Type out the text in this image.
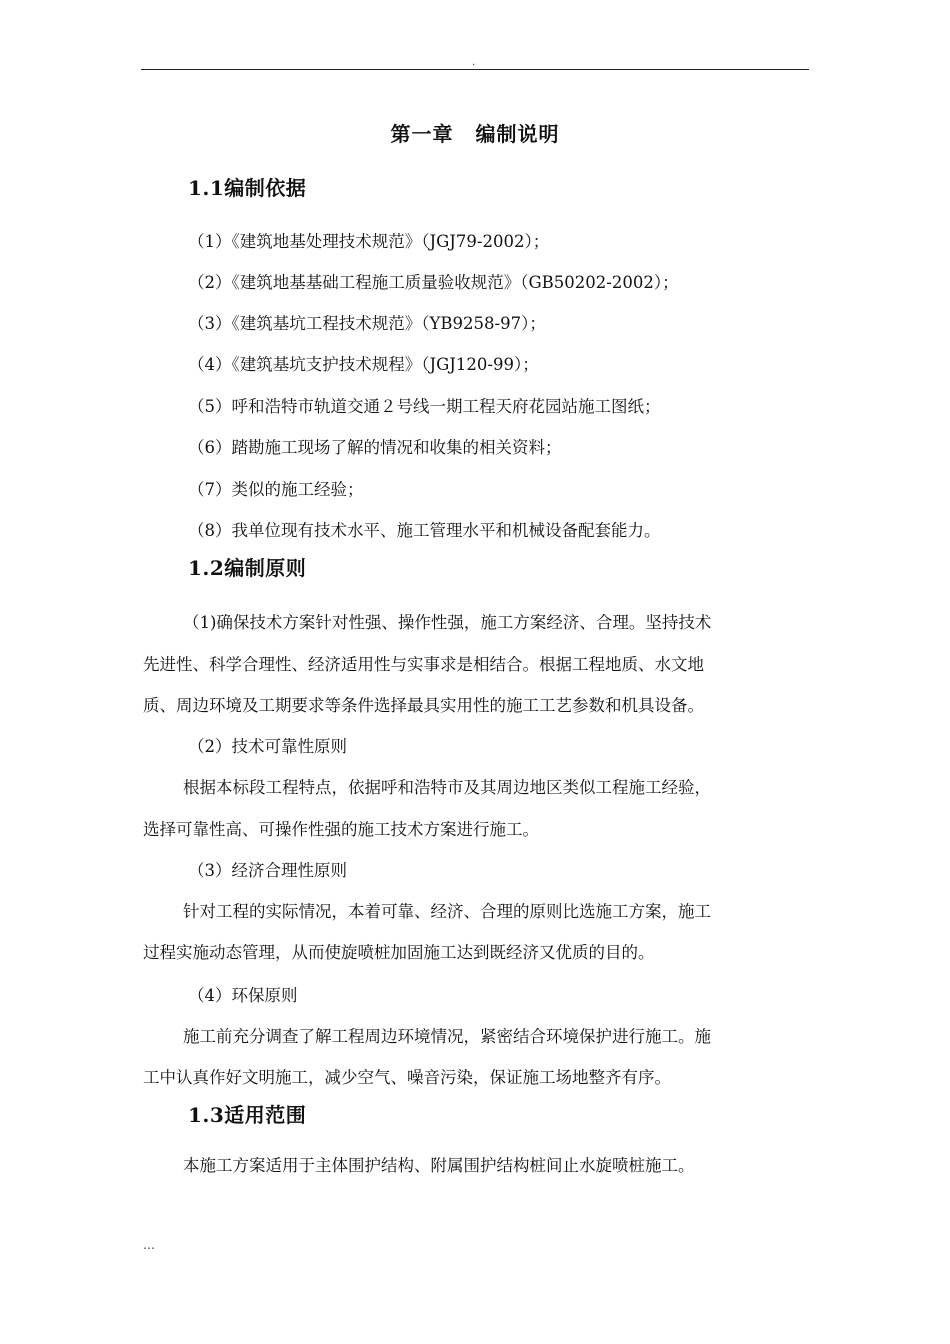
.
第一章 编制说明
1.1编制依据
（1）《建筑地基处理技术规范》（JGJ79-2002）；
（2）《建筑地基基础工程施工质量验收规范》（GB50202-2002）；
（3）《建筑基坑工程技术规范》（YB9258-97）；
（4）《建筑基坑支护技术规程》（JGJ120-99）；
（5）呼和浩特市轨道交通２号线一期工程天府花园站施工图纸；
（6）踏勘施工现场了解的情况和收集的相关资料；
（7）类似的施工经验；
（8）我单位现有技术水平、施工管理水平和机械设备配套能力。
1.2编制原则
（1)确保技术方案针对性强、操作性强，施工方案经济、合理。坚持技术
先进性、科学合理性、经济适用性与实事求是相结合。根据工程地质、水文地
质、周边环境及工期要求等条件选择最具实用性的施工工艺参数和机具设备。
（2）技术可靠性原则
根据本标段工程特点，依据呼和浩特市及其周边地区类似工程施工经验，
选择可靠性高、可操作性强的施工技术方案进行施工。
（3）经济合理性原则
针对工程的实际情况，本着可靠、经济、合理的原则比选施工方案，施工
过程实施动态管理，从而使旋喷桩加固施工达到既经济又优质的目的。
（4）环保原则
施工前充分调查了解工程周边环境情况，紧密结合环境保护进行施工。施
工中认真作好文明施工，减少空气、噪音污染，保证施工场地整齐有序。
1.3适用范围
本施工方案适用于主体围护结构、附属围护结构桩间止水旋喷桩施工。
…
